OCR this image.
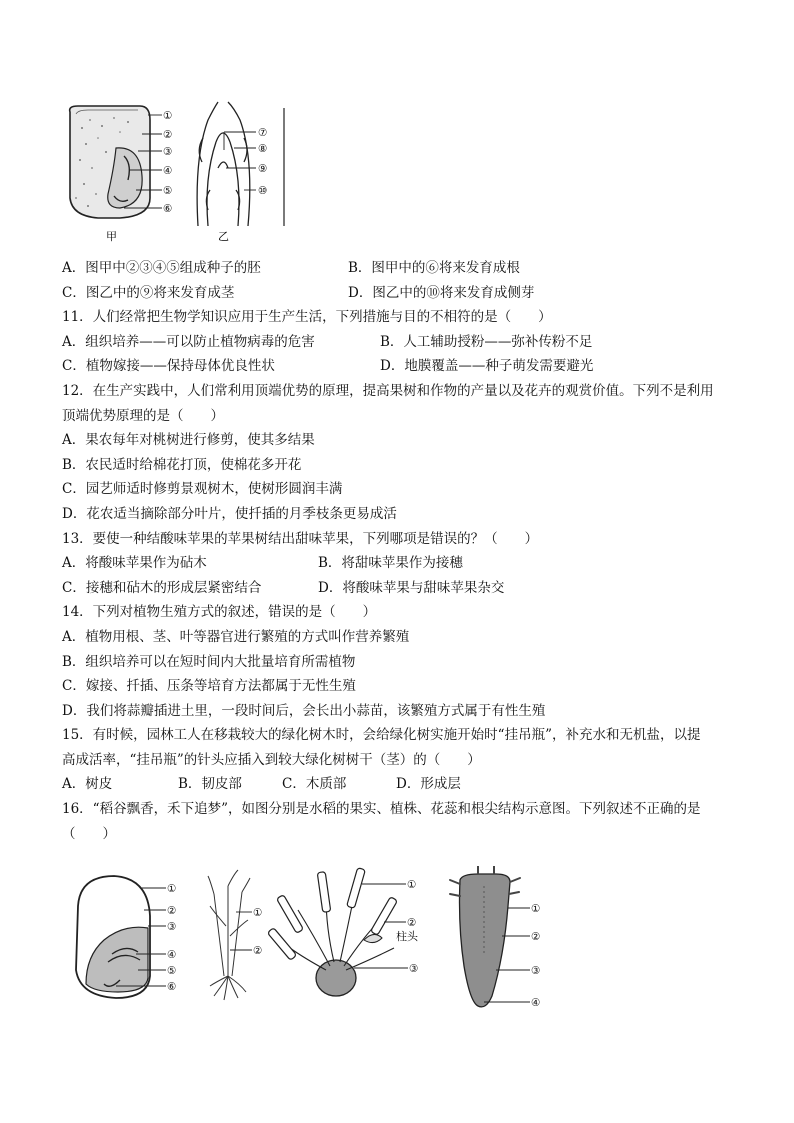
①
②
③
④
⑤
⑥
甲
⑦
⑧
⑨
⑩
乙
A．图甲中②③④⑤组成种子的胚	B．图甲中的⑥将来发育成根
C．图乙中的⑨将来发育成茎	D．图乙中的⑩将来发育成侧芽
11．人们经常把生物学知识应用于生产生活，下列措施与目的不相符的是（　　）
A．组织培养——可以防止植物病毒的危害	B．人工辅助授粉——弥补传粉不足
C．植物嫁接——保持母体优良性状	D．地膜覆盖——种子萌发需要避光
12．在生产实践中，人们常利用顶端优势的原理，提高果树和作物的产量以及花卉的观赏价值。下列不是利用
顶端优势原理的是（　　）
A．果农每年对桃树进行修剪，使其多结果
B．农民适时给棉花打顶，使棉花多开花
C．园艺师适时修剪景观树木，使树形圆润丰满
D．花农适当摘除部分叶片，使扦插的月季枝条更易成活
13．要使一种结酸味苹果的苹果树结出甜味苹果，下列哪项是错误的？（　　）
A．将酸味苹果作为砧木	B．将甜味苹果作为接穗
C．接穗和砧木的形成层紧密结合	D．将酸味苹果与甜味苹果杂交
14．下列对植物生殖方式的叙述，错误的是（　　）
A．植物用根、茎、叶等器官进行繁殖的方式叫作营养繁殖
B．组织培养可以在短时间内大批量培育所需植物
C．嫁接、扦插、压条等培育方法都属于无性生殖
D．我们将蒜瓣插进土里，一段时间后，会长出小蒜苗，该繁殖方式属于有性生殖
15．有时候，园林工人在移栽较大的绿化树木时，会给绿化树实施开始时“挂吊瓶”，补充水和无机盐，以提
高成活率，“挂吊瓶”的针头应插入到较大绿化树树干（茎）的（　　）
A．树皮	B．韧皮部	C．木质部	D．形成层
16．“稻谷飘香，禾下追梦”，如图分别是水稻的果实、植株、花蕊和根尖结构示意图。下列叙述不正确的是
（　　）
①
②
③
④
⑤
⑥
①
②
①
②
③
柱头
①
②
③
④
